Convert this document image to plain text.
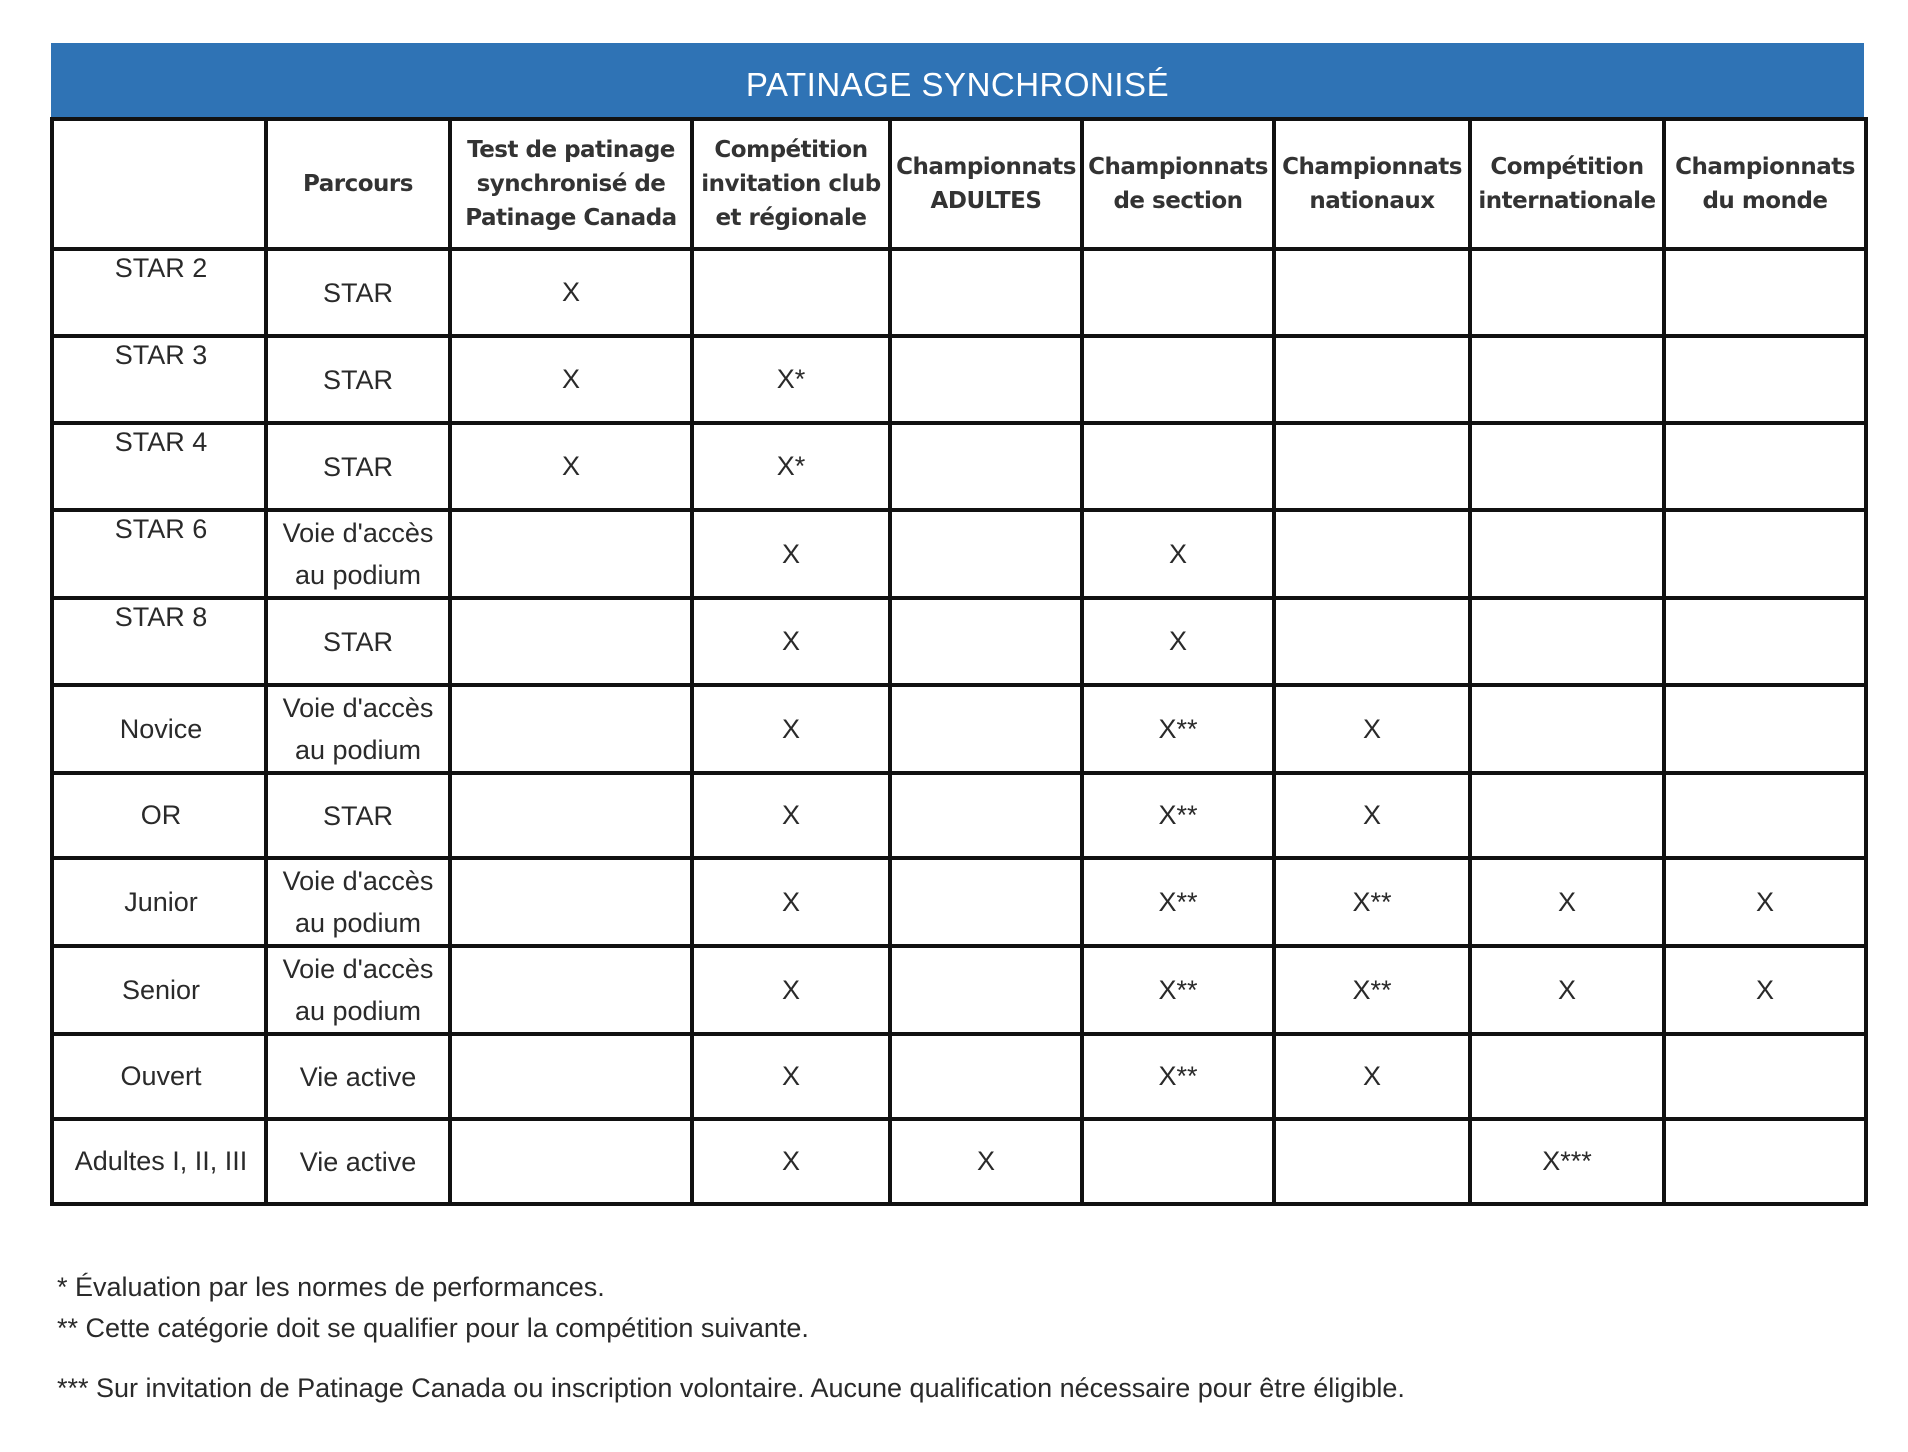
PATINAGE SYNCHRONISÉ
	Parcours	Test de patinage synchronisé de Patinage Canada	Compétition invitation club et régionale	Championnats ADULTES	Championnats de section	Championnats nationaux	Compétition internationale	Championnats du monde
STAR 2	STAR	X						
STAR 3	STAR	X	X*					
STAR 4	STAR	X	X*					
STAR 6	Voie d'accès au podium		X		X			
STAR 8	STAR		X		X			
Novice	Voie d'accès au podium		X		X**	X		
OR	STAR		X		X**	X		
Junior	Voie d'accès au podium		X		X**	X**	X	X
Senior	Voie d'accès au podium		X		X**	X**	X	X
Ouvert	Vie active		X		X**	X		
Adultes I, II, III	Vie active		X	X			X***	
* Évaluation par les normes de performances.
** Cette catégorie doit se qualifier pour la compétition suivante.
*** Sur invitation de Patinage Canada ou inscription volontaire. Aucune qualification nécessaire pour être éligible.
